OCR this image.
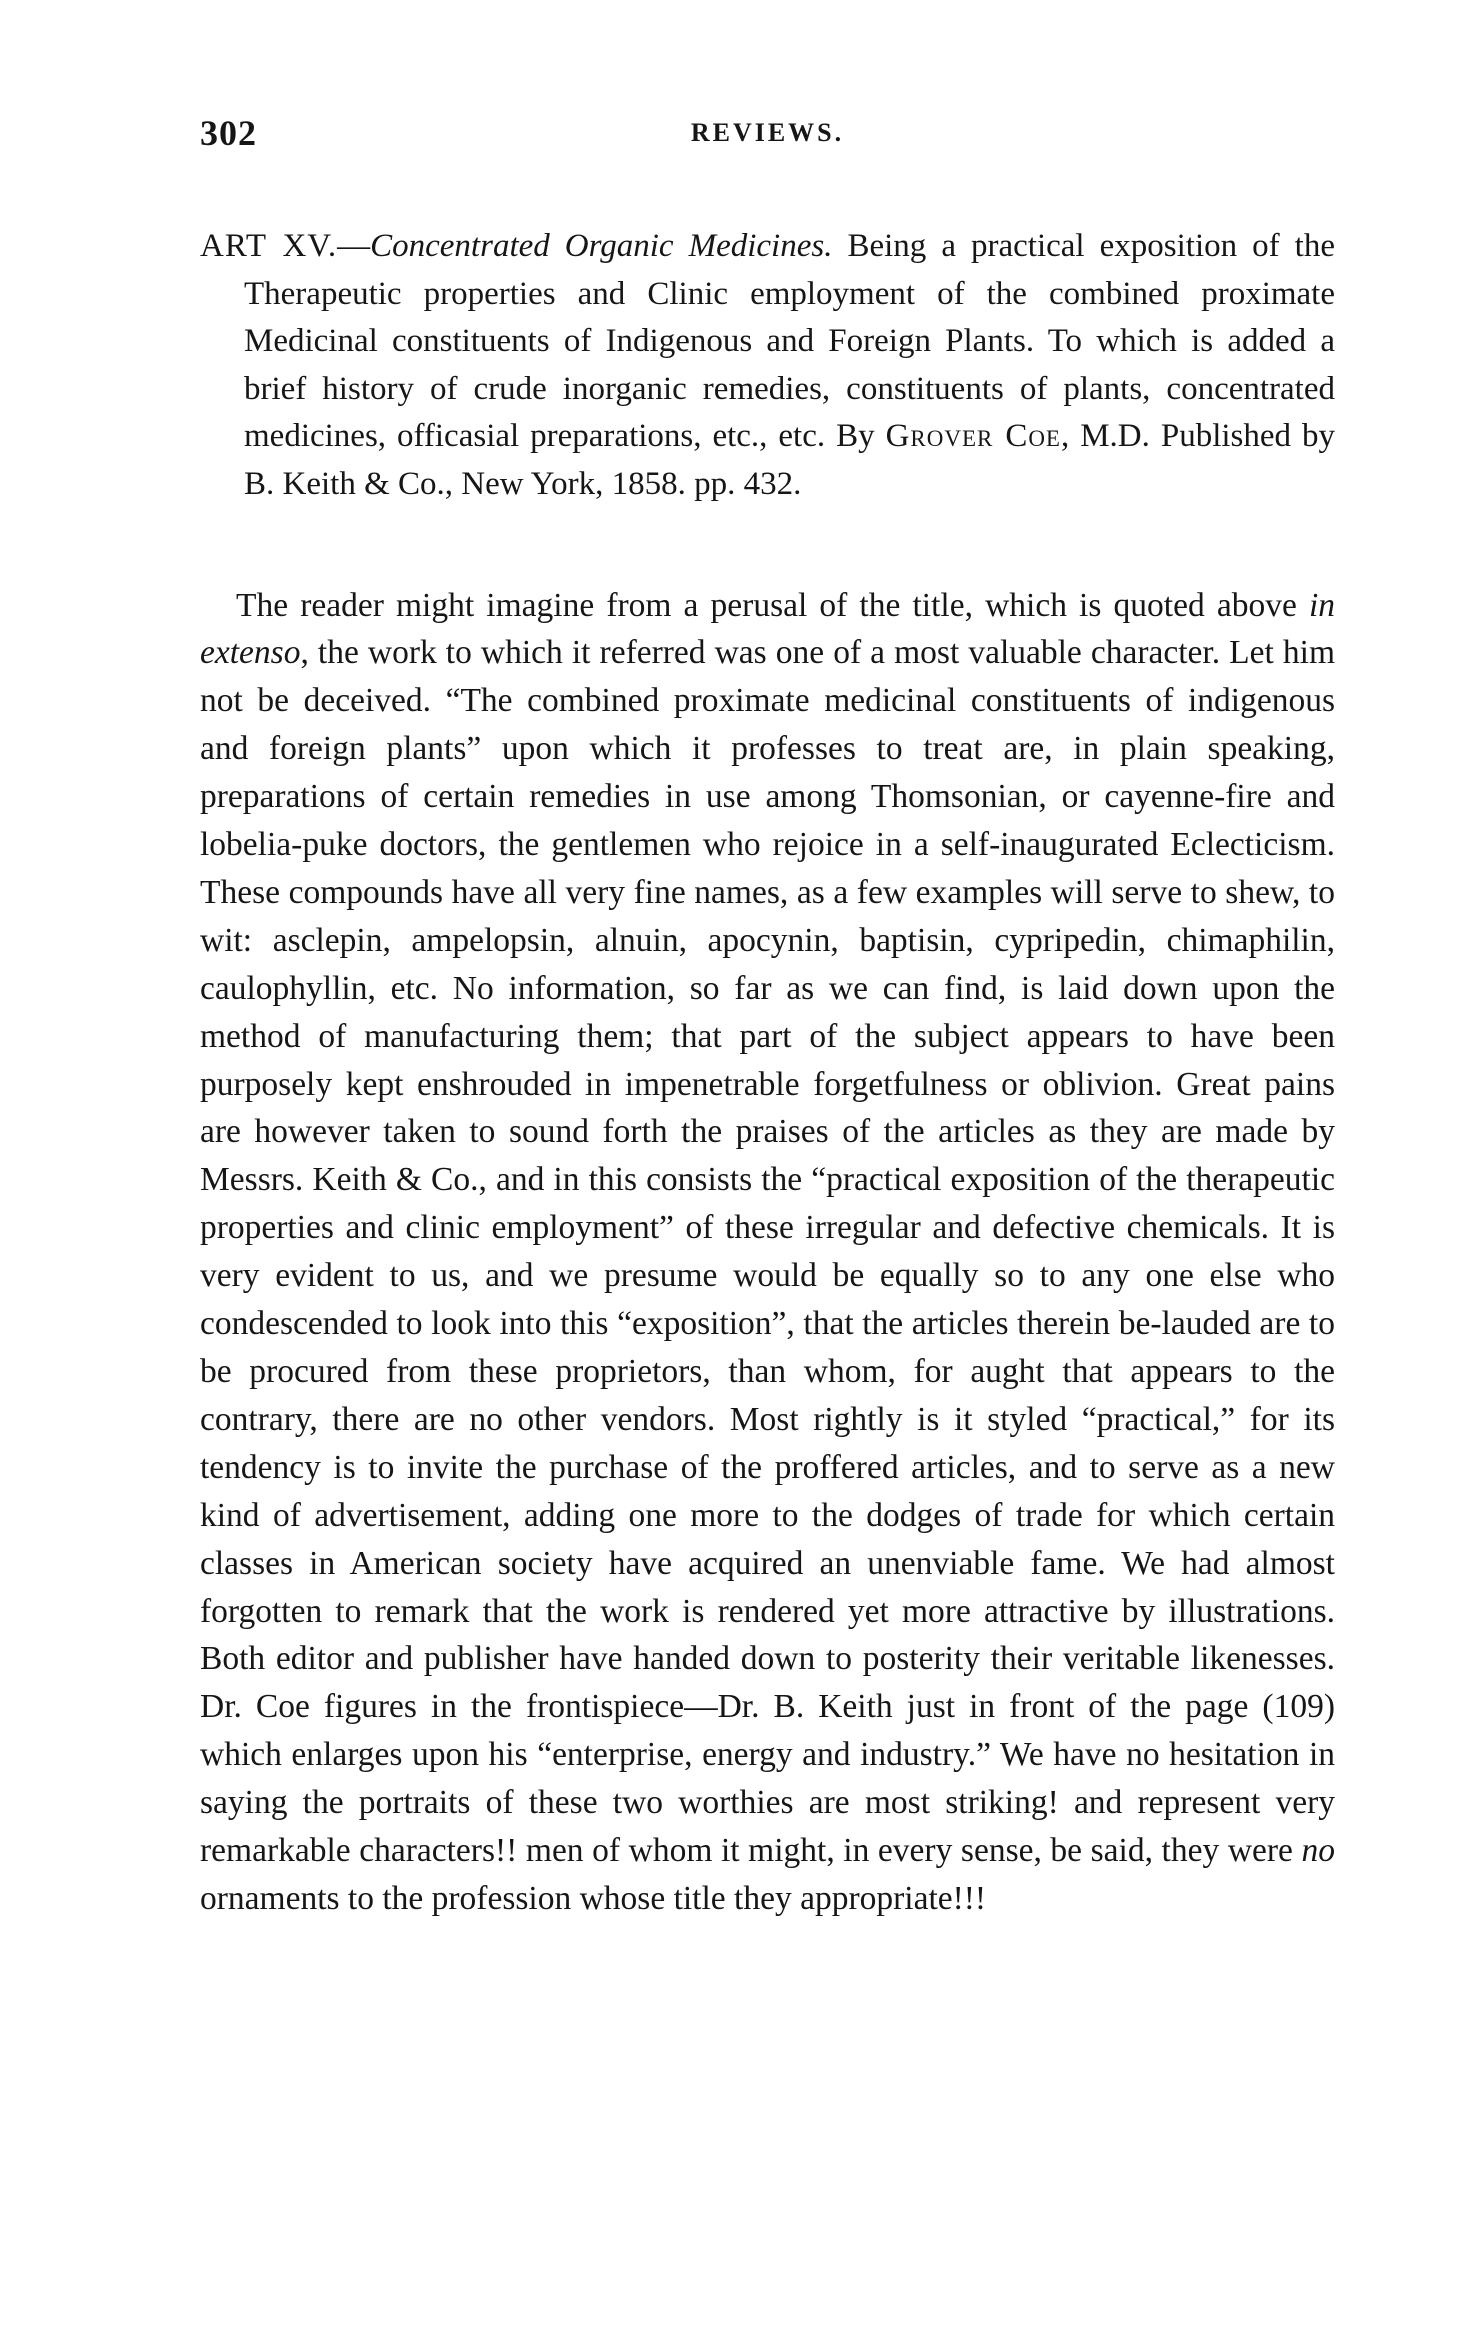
302	REVIEWS.

ART XV.—Concentrated Organic Medicines. Being a practical exposition of the Therapeutic properties and Clinic employment of the combined proximate Medicinal constituents of Indigenous and Foreign Plants. To which is added a brief history of crude inorganic remedies, constituents of plants, concentrated medicines, officasial preparations, etc., etc. By Grover Coe, M.D. Published by B. Keith & Co., New York, 1858. pp. 432.

The reader might imagine from a perusal of the title, which is quoted above in extenso, the work to which it referred was one of a most valuable character. Let him not be deceived. “The combined proximate medicinal constituents of indigenous and foreign plants” upon which it professes to treat are, in plain speaking, preparations of certain remedies in use among Thomsonian, or cayenne-fire and lobelia-puke doctors, the gentlemen who rejoice in a self-inaugurated Eclecticism. These compounds have all very fine names, as a few examples will serve to shew, to wit: asclepin, ampelopsin, alnuin, apocynin, baptisin, cypripedin, chimaphilin, caulophyllin, etc. No information, so far as we can find, is laid down upon the method of manufacturing them; that part of the subject appears to have been purposely kept enshrouded in impenetrable forgetfulness or oblivion. Great pains are however taken to sound forth the praises of the articles as they are made by Messrs. Keith & Co., and in this consists the “practical exposition of the therapeutic properties and clinic employment” of these irregular and defective chemicals. It is very evident to us, and we presume would be equally so to any one else who condescended to look into this “exposition”, that the articles therein be-lauded are to be procured from these proprietors, than whom, for aught that appears to the contrary, there are no other vendors. Most rightly is it styled “practical,” for its tendency is to invite the purchase of the proffered articles, and to serve as a new kind of advertisement, adding one more to the dodges of trade for which certain classes in American society have acquired an unenviable fame. We had almost forgotten to remark that the work is rendered yet more attractive by illustrations. Both editor and publisher have handed down to posterity their veritable likenesses. Dr. Coe figures in the frontispiece—Dr. B. Keith just in front of the page (109) which enlarges upon his “enterprise, energy and industry.” We have no hesitation in saying the portraits of these two worthies are most striking! and represent very remarkable characters!! men of whom it might, in every sense, be said, they were no ornaments to the profession whose title they appropriate!!!
